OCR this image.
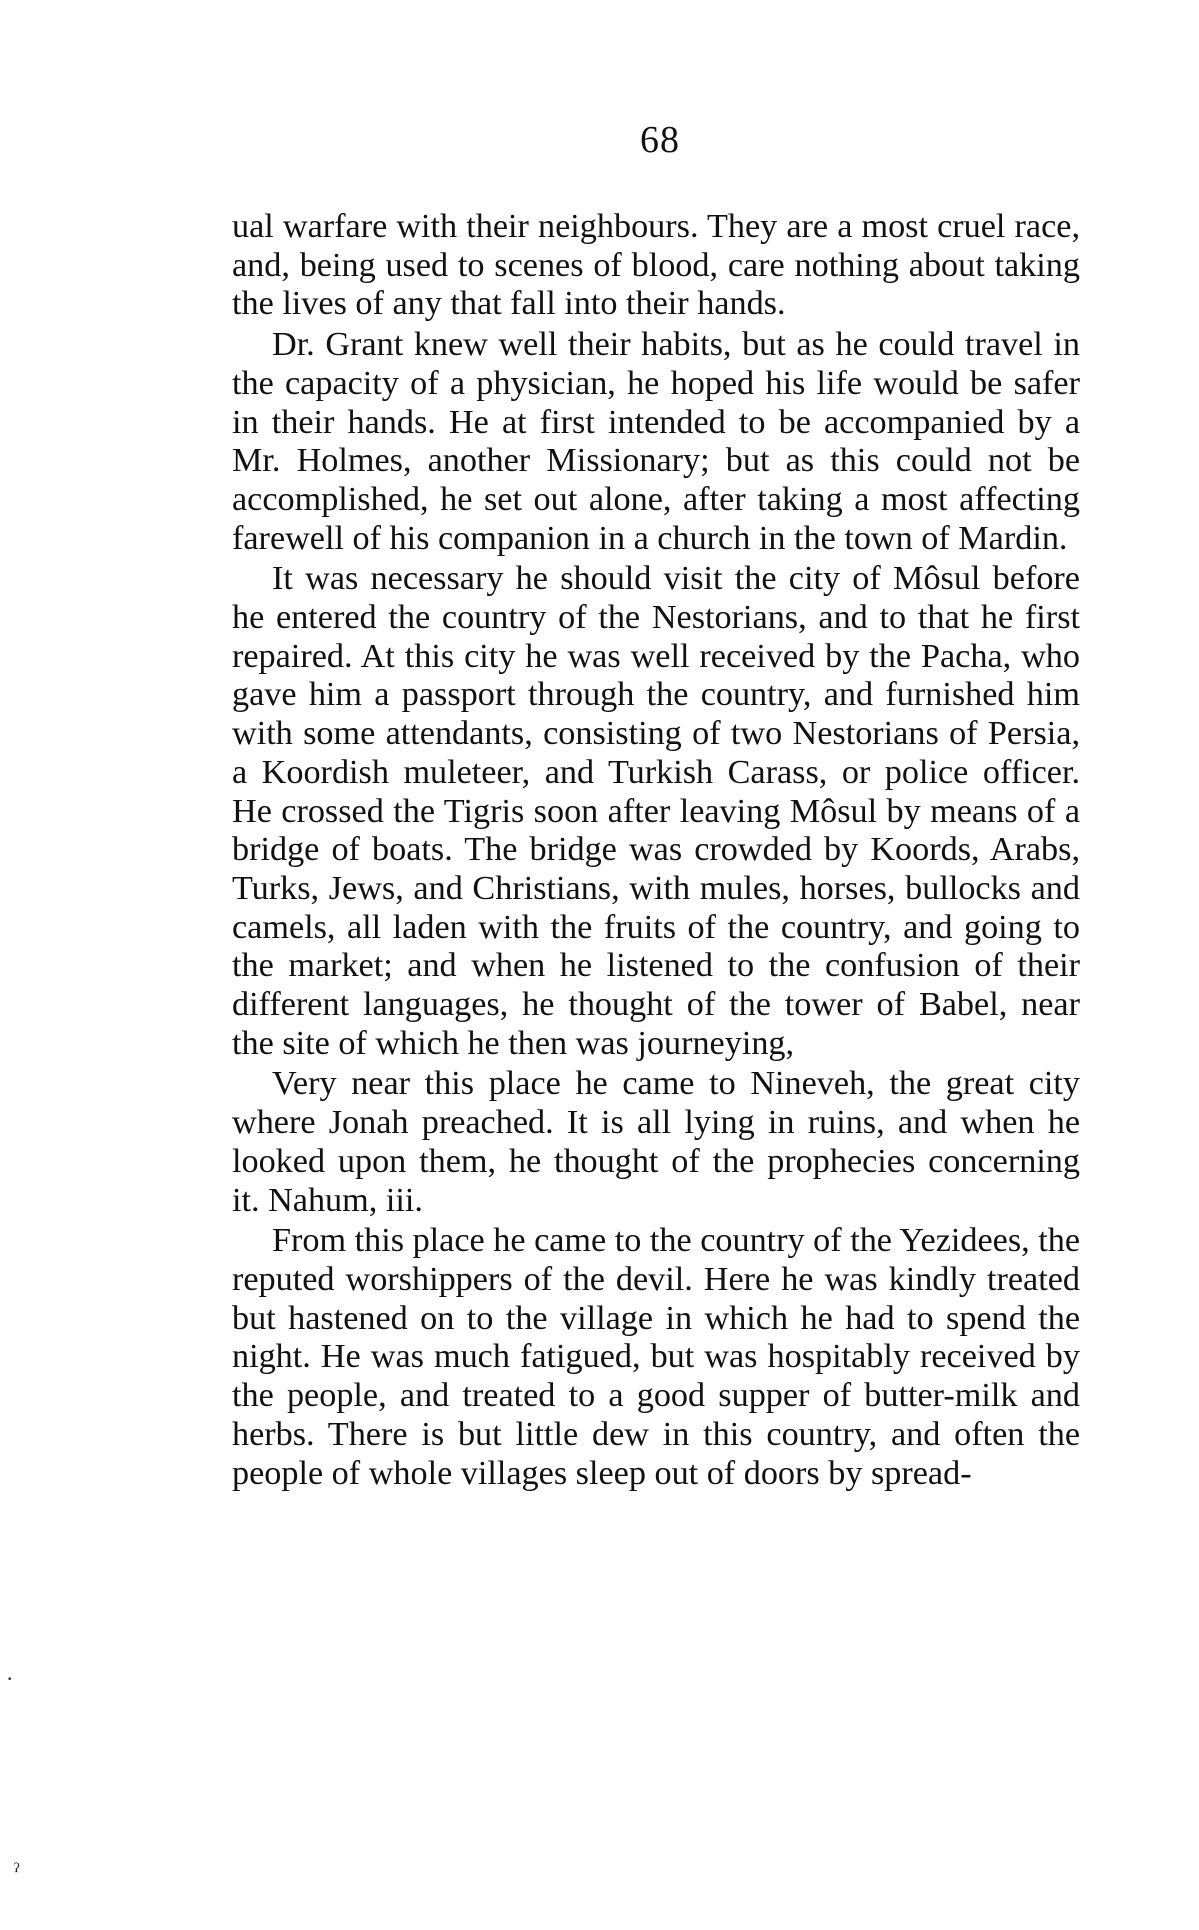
68

ual warfare with their neighbours. They are a most cruel race, and, being used to scenes of blood, care nothing about taking the lives of any that fall into their hands.

Dr. Grant knew well their habits, but as he could travel in the capacity of a physician, he hoped his life would be safer in their hands. He at first intended to be accompanied by a Mr. Holmes, another Missionary; but as this could not be accomplished, he set out alone, after taking a most affecting farewell of his companion in a church in the town of Mardin.

It was necessary he should visit the city of Môsul before he entered the country of the Nestorians, and to that he first repaired. At this city he was well received by the Pacha, who gave him a passport through the country, and furnished him with some attendants, consisting of two Nestorians of Persia, a Koordish muleteer, and Turkish Carass, or police officer. He crossed the Tigris soon after leaving Môsul by means of a bridge of boats. The bridge was crowded by Koords, Arabs, Turks, Jews, and Christians, with mules, horses, bullocks and camels, all laden with the fruits of the country, and going to the market; and when he listened to the confusion of their different languages, he thought of the tower of Babel, near the site of which he then was journeying,

Very near this place he came to Nineveh, the great city where Jonah preached. It is all lying in ruins, and when he looked upon them, he thought of the prophecies concerning it. Nahum, iii.

From this place he came to the country of the Yezidees, the reputed worshippers of the devil. Here he was kindly treated but hastened on to the village in which he had to spend the night. He was much fatigued, but was hospitably received by the people, and treated to a good supper of butter-milk and herbs. There is but little dew in this country, and often the people of whole villages sleep out of doors by spread-

·
ˀ
